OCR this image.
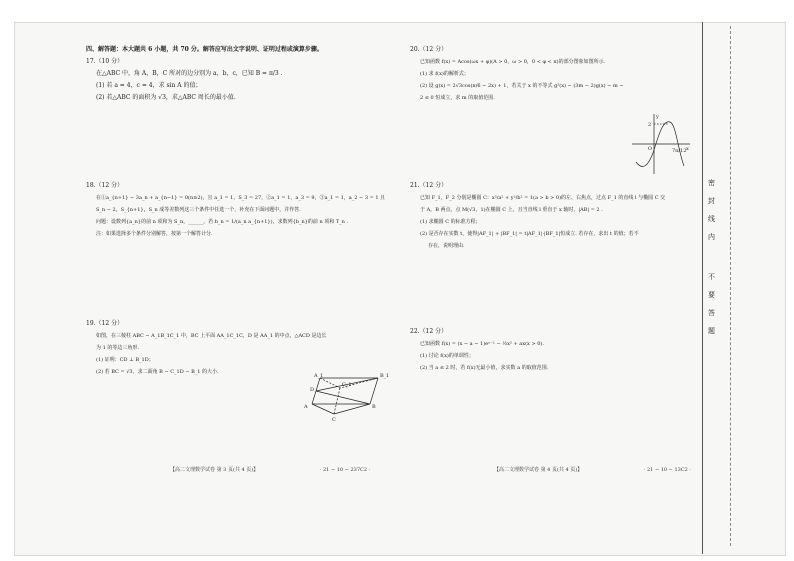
四、解答题：本大题共 6 小题，共 70 分。解答应写出文字说明、证明过程或演算步骤。

17.（10 分）

在△ABC 中，角 A，B，C 所对的边分别为 a，b，c，已知 B = π/3 .

(1) 若 a = 4，c = 4，求 sin A 的值；

(2) 若△ABC 的面积为 √3，求△ABC 周长的最小值.

18.（12 分）

在①a_{n+1} − 3a_n + a_{n−1} = 0(n≥2)，且 a_1 = 1，S_3 = 27，②a_1 = 1，a_3 = 9，③a_1 = 1，a_2 − 3 = 1 且

S_n − 2，S_{n+1}，S_n 成等差数列这三个条件中任选一个，补充在下面问题中，并作答.

问题：设数列{a_n}的前 n 项和为 S_n，______，若 b_n = 1/(a_n a_{n+1})，求数列{b_n}的前 n 项和 T_n .

注：如果选择多个条件分别解答，按第一个解答计分.

19.（12 分）

如图，在三棱柱 ABC − A_1B_1C_1 中，BC 上平面 AA_1C_1C，D 是 AA_1 的中点，△ACD 是边长

为 1 的等边三角形.

(1) 证明：CD ⊥ B_1D；

(2) 若 BC = √3，求二面角 B − C_1D − B_1 的大小.

A_1	B_1
C_1
D
A	B
C
【高二文理数学试卷 第 3 页(共 4 页)】	· 21 − 10 − 237C2 ·

20.（12 分）

已知函数 f(x) = Acos(ωx + φ)(A > 0，ω > 0，0 < φ < π)的部分图象如图所示.

(1) 求 f(x)的解析式；

(2) 设 g(x) = 2√3cos(π/6 − 2x) + 1，若关于 x 的不等式 g²(x) − (3m − 2)g(x) − m −

2 ≤ 0 恒成立，求 m 的取值范围.

y
x
O
2
7π/12

21.（12 分）

已知 F_1，F_2 分别是椭圆 C：x²/a² + y²/b² = 1(a > b > 0)的左、右焦点，过点 F_1 的直线 l 与椭圆 C 交

于 A，B 两点，点 M(√3，1)在椭圆 C 上，且当直线 l 垂直于 x 轴时，|AB| = 2 .

(1) 求椭圆 C 的标准方程；

(2) 是否存在实数 t，使得|AF_1| + |BF_1| = t|AF_1|·|BF_1|恒成立. 若存在，求出 t 的值；若不

存在，说明理由.

22.（12 分）

已知函数 f(x) = (x − a − 1)eˣ⁻¹ − ½x² + ax(x > 0).

(1) 讨论 f(x)的单调性；

(2) 当 a ≤ 2 时，若 f(x)无最小值，求实数 a 的取值范围.

【高二文理数学试卷 第 4 页(共 4 页)】	· 21 − 10 − 13C2 ·
密
封
线
内
不
要
答
题
